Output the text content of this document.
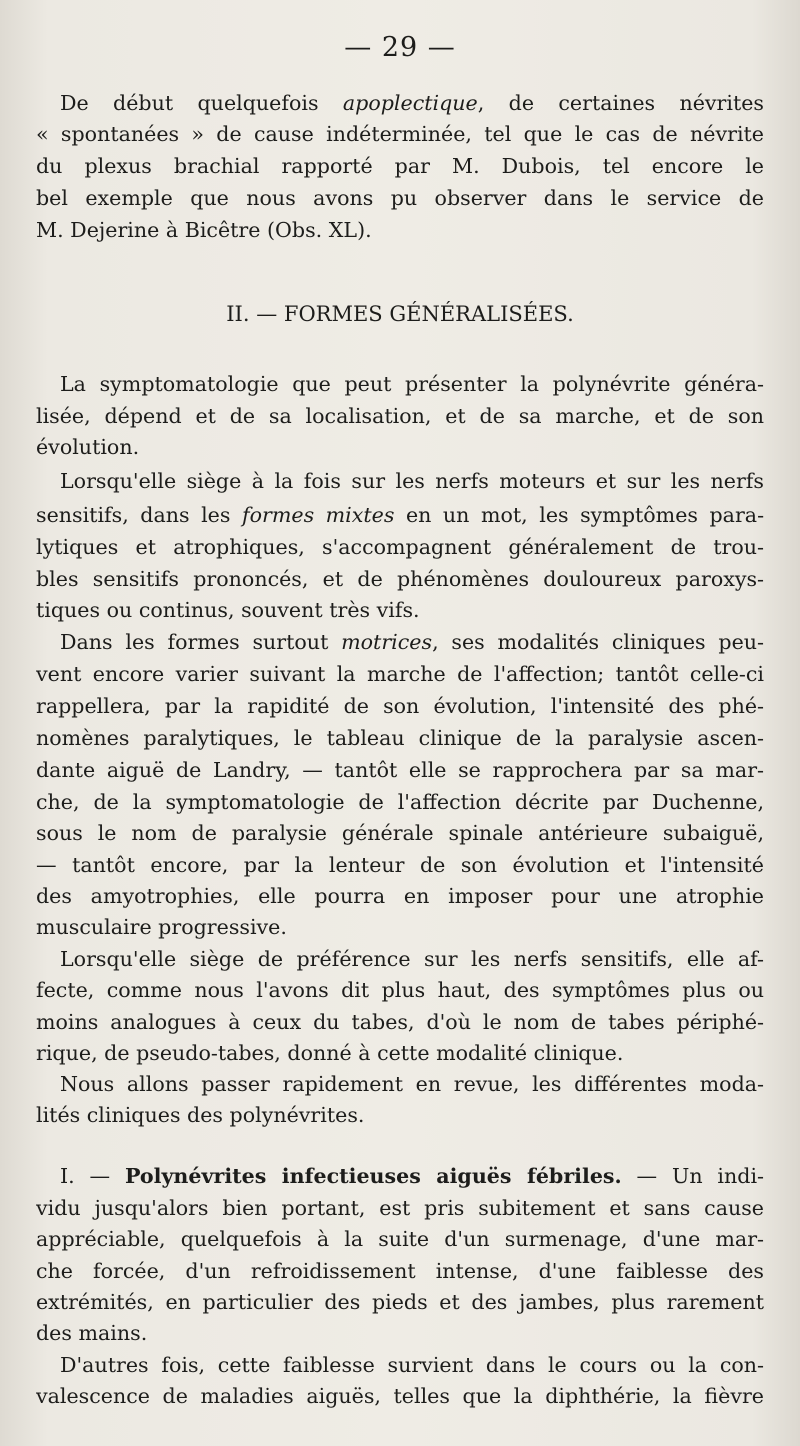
— 29 —
De début quelquefois apoplectique, de certaines névrites
« spontanées » de cause indéterminée, tel que le cas de névrite
du plexus brachial rapporté par M. Dubois, tel encore le
bel exemple que nous avons pu observer dans le service de
M. Dejerine à Bicêtre (Obs. XL).
II. — FORMES GÉNÉRALISÉES.
La symptomatologie que peut présenter la polynévrite généra-
lisée, dépend et de sa localisation, et de sa marche, et de son
évolution.
Lorsqu'elle siège à la fois sur les nerfs moteurs et sur les nerfs
sensitifs, dans les formes mixtes en un mot, les symptômes para-
lytiques et atrophiques, s'accompagnent généralement de trou-
bles sensitifs prononcés, et de phénomènes douloureux paroxys-
tiques ou continus, souvent très vifs.
Dans les formes surtout motrices, ses modalités cliniques peu-
vent encore varier suivant la marche de l'affection; tantôt celle-ci
rappellera, par la rapidité de son évolution, l'intensité des phé-
nomènes paralytiques, le tableau clinique de la paralysie ascen-
dante aiguë de Landry, — tantôt elle se rapprochera par sa mar-
che, de la symptomatologie de l'affection décrite par Duchenne,
sous le nom de paralysie générale spinale antérieure subaiguë,
— tantôt encore, par la lenteur de son évolution et l'intensité
des amyotrophies, elle pourra en imposer pour une atrophie
musculaire progressive.
Lorsqu'elle siège de préférence sur les nerfs sensitifs, elle af-
fecte, comme nous l'avons dit plus haut, des symptômes plus ou
moins analogues à ceux du tabes, d'où le nom de tabes périphé-
rique, de pseudo-tabes, donné à cette modalité clinique.
Nous allons passer rapidement en revue, les différentes moda-
lités cliniques des polynévrites.
I. — Polynévrites infectieuses aiguës fébriles. — Un indi-
vidu jusqu'alors bien portant, est pris subitement et sans cause
appréciable, quelquefois à la suite d'un surmenage, d'une mar-
che forcée, d'un refroidissement intense, d'une faiblesse des
extrémités, en particulier des pieds et des jambes, plus rarement
des mains.
D'autres fois, cette faiblesse survient dans le cours ou la con-
valescence de maladies aiguës, telles que la diphthérie, la fièvre
